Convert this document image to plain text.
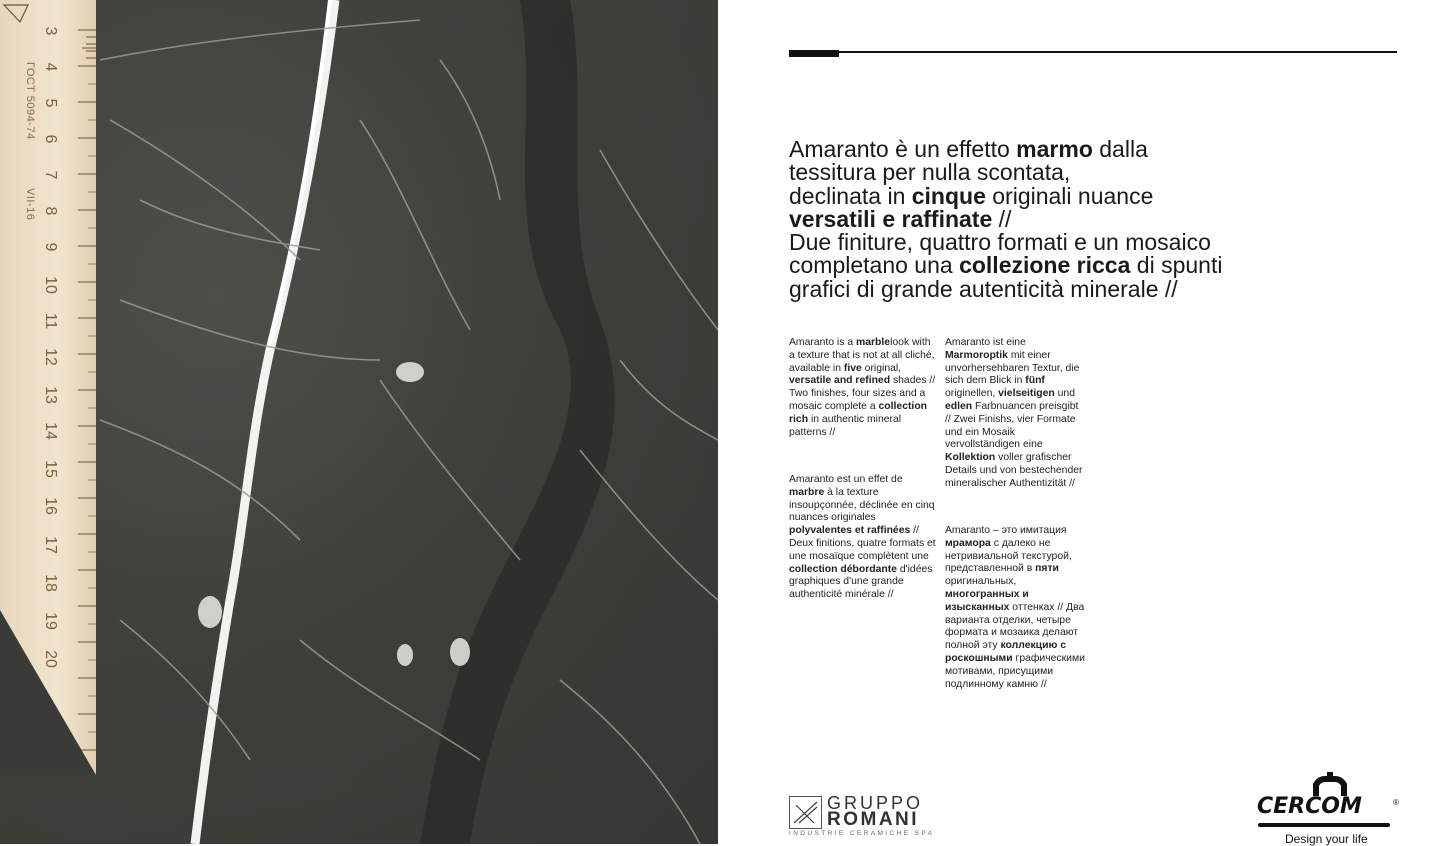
3
4
5
6
7
8
9
10
11
12
13
14
15
16
17
18
19
20
ГОСТ 5094-74
VII-16
Amaranto è un effetto marmo dalla
tessitura per nulla scontata,
declinata in cinque originali nuance
versatili e raffinate //
Due finiture, quattro formati e un mosaico
completano una collezione ricca di spunti
grafici di grande autenticità minerale //
Amaranto is a marblelook with a texture that is not at all cliché, available in five original, versatile and refined shades // Two finishes, four sizes and a mosaic complete a collection rich in authentic mineral patterns //
Amaranto est un effet de marbre à la texture insoupçonnée, déclinée en cinq nuances originales polyvalentes et raffinées // Deux finitions, quatre formats et une mosaïque complètent une collection débordante d'idées graphiques d'une grande authenticité minérale //
Amaranto ist eine Marmoroptik mit einer unvorhersehbaren Textur, die sich dem Blick in fünf originellen, vielseitigen und edlen Farbnuancen preisgibt // Zwei Finishs, vier Formate und ein Mosaik vervollständigen eine Kollektion voller grafischer Details und von bestechender mineralischer Authentizität //
Amaranto – это имитация мрамора с далеко не нетривиальной текстурой, представленной в пяти оригинальных, многогранных и изысканных оттенках // Два варианта отделки, четыре формата и мозаика делают полной эту коллекцию с роскошными графическими мотивами, присущими подлинному камню //
GRUPPO
ROMANI
INDUSTRIE CERAMICHE SPA
CERCOM	®
Design your life
